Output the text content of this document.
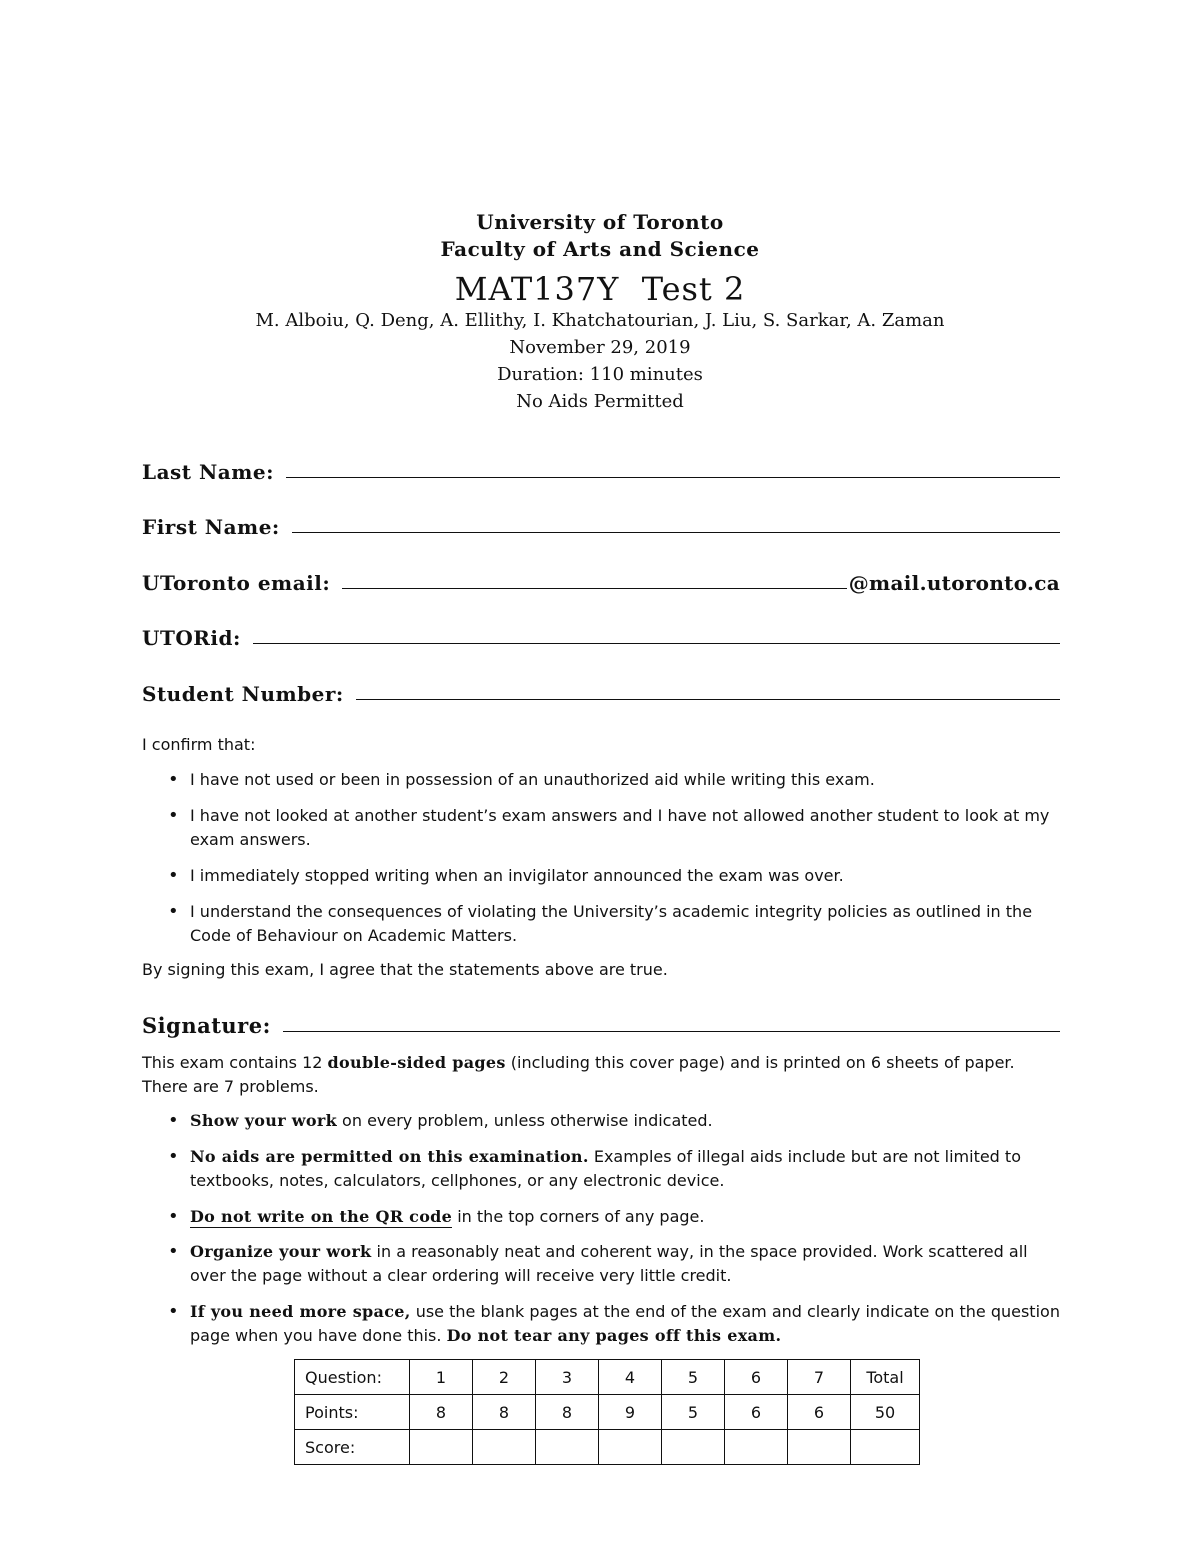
University of Toronto
Faculty of Arts and Science
MAT137Y  Test 2
M. Alboiu, Q. Deng, A. Ellithy, I. Khatchatourian, J. Liu, S. Sarkar, A. Zaman
November 29, 2019
Duration: 110 minutes
No Aids Permitted
Last Name:
First Name:
UToronto email:	@mail.utoronto.ca
UTORid:
Student Number:
I confirm that:
• I have not used or been in possession of an unauthorized aid while writing this exam.
• I have not looked at another student’s exam answers and I have not allowed another student to look at my exam answers.
• I immediately stopped writing when an invigilator announced the exam was over.
• I understand the consequences of violating the University’s academic integrity policies as outlined in the Code of Behaviour on Academic Matters.
By signing this exam, I agree that the statements above are true.
Signature:
This exam contains 12 double-sided pages (including this cover page) and is printed on 6 sheets of paper. There are 7 problems.
• Show your work on every problem, unless otherwise indicated.
• No aids are permitted on this examination. Examples of illegal aids include but are not limited to textbooks, notes, calculators, cellphones, or any electronic device.
• Do not write on the QR code in the top corners of any page.
• Organize your work in a reasonably neat and coherent way, in the space provided. Work scattered all over the page without a clear ordering will receive very little credit.
• If you need more space, use the blank pages at the end of the exam and clearly indicate on the question page when you have done this. Do not tear any pages off this exam.
Question:	1	2	3	4	5	6	7	Total
Points:	8	8	8	9	5	6	6	50
Score:								
